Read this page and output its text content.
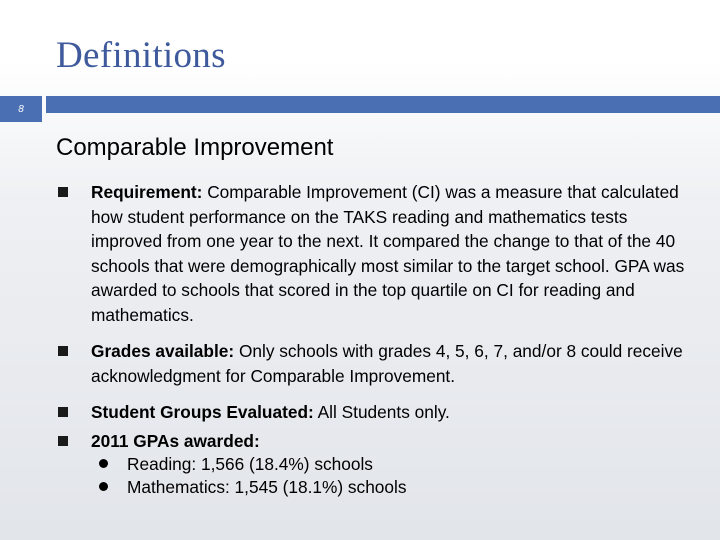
Definitions
8
Comparable Improvement
Requirement: Comparable Improvement (CI) was a measure that calculated how student performance on the TAKS reading and mathematics tests improved from one year to the next. It compared the change to that of the 40 schools that were demographically most similar to the target school. GPA was awarded to schools that scored in the top quartile on CI for reading and mathematics.
Grades available: Only schools with grades 4, 5, 6, 7, and/or 8 could receive acknowledgment for Comparable Improvement.
Student Groups Evaluated: All Students only.
2011 GPAs awarded:
Reading: 1,566 (18.4%) schools
Mathematics: 1,545 (18.1%) schools
